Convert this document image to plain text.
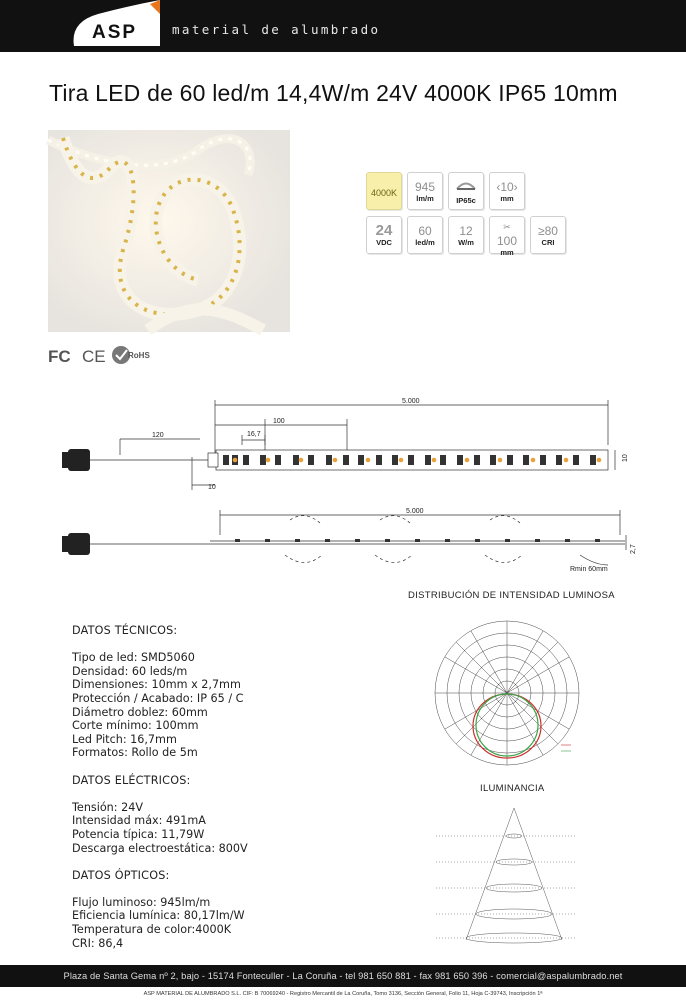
ASP	material de alumbrado
Tira LED de 60 led/m 14,4W/m 24V 4000K IP65 10mm
4000K	945
lm/m	IP65c
‹10›
mm
24
VDC
60
led/m
12
W/m
✂
100
mm
≥80
CRI
FC CE	RoHS
5.000
100
16,7
120
10
10
5.000
2,7
Rmin 60mm
DISTRIBUCIÓN DE INTENSIDAD LUMINOSA
ILUMINANCIA
DATOS TÉCNICOS:
Tipo de led: SMD5060
Densidad: 60 leds/m
Dimensiones: 10mm x 2,7mm
Protección / Acabado: IP 65 / C
Diámetro doblez: 60mm
Corte mínimo: 100mm
Led Pitch: 16,7mm
Formatos: Rollo de 5m
DATOS ELÉCTRICOS:
Tensión: 24V
Intensidad máx: 491mA
Potencia típica: 11,79W
Descarga electroestática: 800V
DATOS ÓPTICOS:
Flujo luminoso: 945lm/m
Eficiencia lumínica: 80,17lm/W
Temperatura de color:4000K
CRI: 86,4
Plaza de Santa Gema nº 2, bajo - 15174 Fonteculler - La Coruña - tel 981 650 881 - fax 981 650 396 - comercial@aspalumbrado.net
ASP MATERIAL DE ALUMBRADO S.L. CIF: B 70069240 - Registro Mercantil de La Coruña, Tomo 3136, Sección General, Folio 11, Hoja C-39743, Inscripción 1ª
